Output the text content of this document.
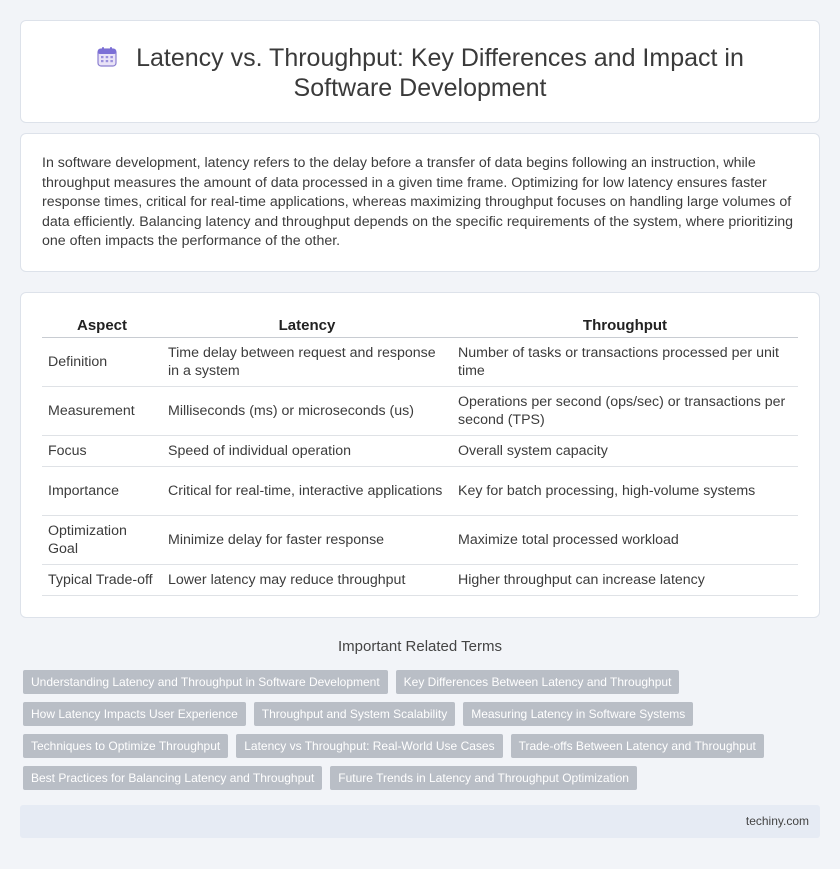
Latency vs. Throughput: Key Differences and Impact in Software Development

In software development, latency refers to the delay before a transfer of data begins following an instruction, while throughput measures the amount of data processed in a given time frame. Optimizing for low latency ensures faster response times, critical for real-time applications, whereas maximizing throughput focuses on handling large volumes of data efficiently. Balancing latency and throughput depends on the specific requirements of the system, where prioritizing one often impacts the performance of the other.

Aspect	Latency	Throughput
Definition	Time delay between request and response in a system	Number of tasks or transactions processed per unit time
Measurement	Milliseconds (ms) or microseconds (us)	Operations per second (ops/sec) or transactions per second (TPS)
Focus	Speed of individual operation	Overall system capacity
Importance	Critical for real-time, interactive applications	Key for batch processing, high-volume systems
Optimization Goal	Minimize delay for faster response	Maximize total processed workload
Typical Trade-off	Lower latency may reduce throughput	Higher throughput can increase latency
Important Related Terms
Understanding Latency and Throughput in Software Development	Key Differences Between Latency and Throughput
How Latency Impacts User Experience	Throughput and System Scalability	Measuring Latency in Software Systems
Techniques to Optimize Throughput	Latency vs Throughput: Real-World Use Cases	Trade-offs Between Latency and Throughput
Best Practices for Balancing Latency and Throughput	Future Trends in Latency and Throughput Optimization
techiny.com
